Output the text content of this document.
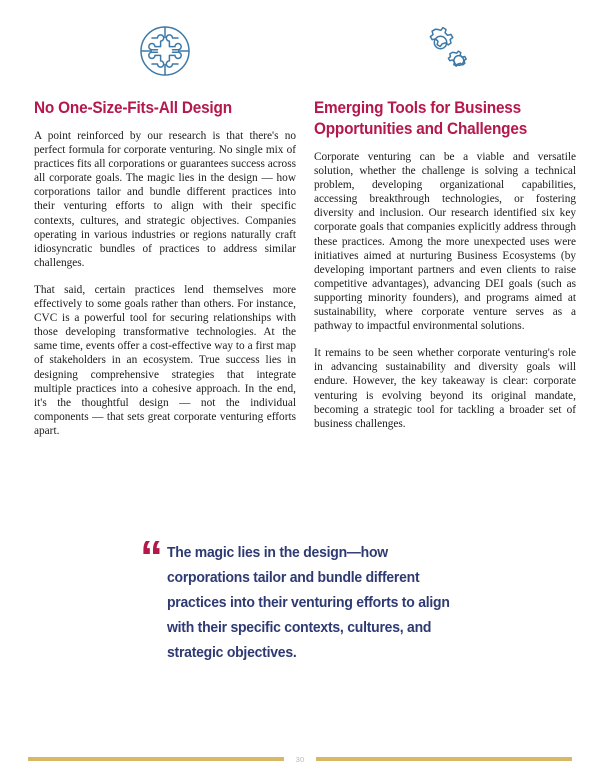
No One-Size-Fits-All Design

A point reinforced by our research is that there's no perfect formula for corporate venturing. No single mix of practices fits all corporations or guarantees success across all corporate goals. The magic lies in the design — how corporations tailor and bundle different practices into their venturing efforts to align with their specific contexts, cultures, and strategic objectives. Companies operating in various industries or regions naturally craft idiosyncratic bundles of practices to address similar challenges.

That said, certain practices lend themselves more effectively to some goals rather than others. For instance, CVC is a powerful tool for securing relationships with those developing transformative technologies. At the same time, events offer a cost-effective way to a first map of stakeholders in an ecosystem. True success lies in designing comprehensive strategies that integrate multiple practices into a cohesive approach. In the end, it's the thoughtful design — not the individual components — that sets great corporate venturing efforts apart.

Emerging Tools for Business Opportunities and Challenges

Corporate venturing can be a viable and versatile solution, whether the challenge is solving a technical problem, developing organizational capabilities, accessing breakthrough technologies, or fostering diversity and inclusion. Our research identified six key corporate goals that companies explicitly address through these practices. Among the more unexpected uses were initiatives aimed at nurturing Business Ecosystems (by developing important partners and even clients to raise competitive advantages), advancing DEI goals (such as supporting minority founders), and programs aimed at sustainability, where corporate venture serves as a pathway to impactful environmental solutions.

It remains to be seen whether corporate venturing's role in advancing sustainability and diversity goals will endure. However, the key takeaway is clear: corporate venturing is evolving beyond its original mandate, becoming a strategic tool for tackling a broader set of business challenges.

“ The magic lies in the design—how corporations tailor and bundle different practices into their venturing efforts to align with their specific contexts, cultures, and strategic objectives.
30
